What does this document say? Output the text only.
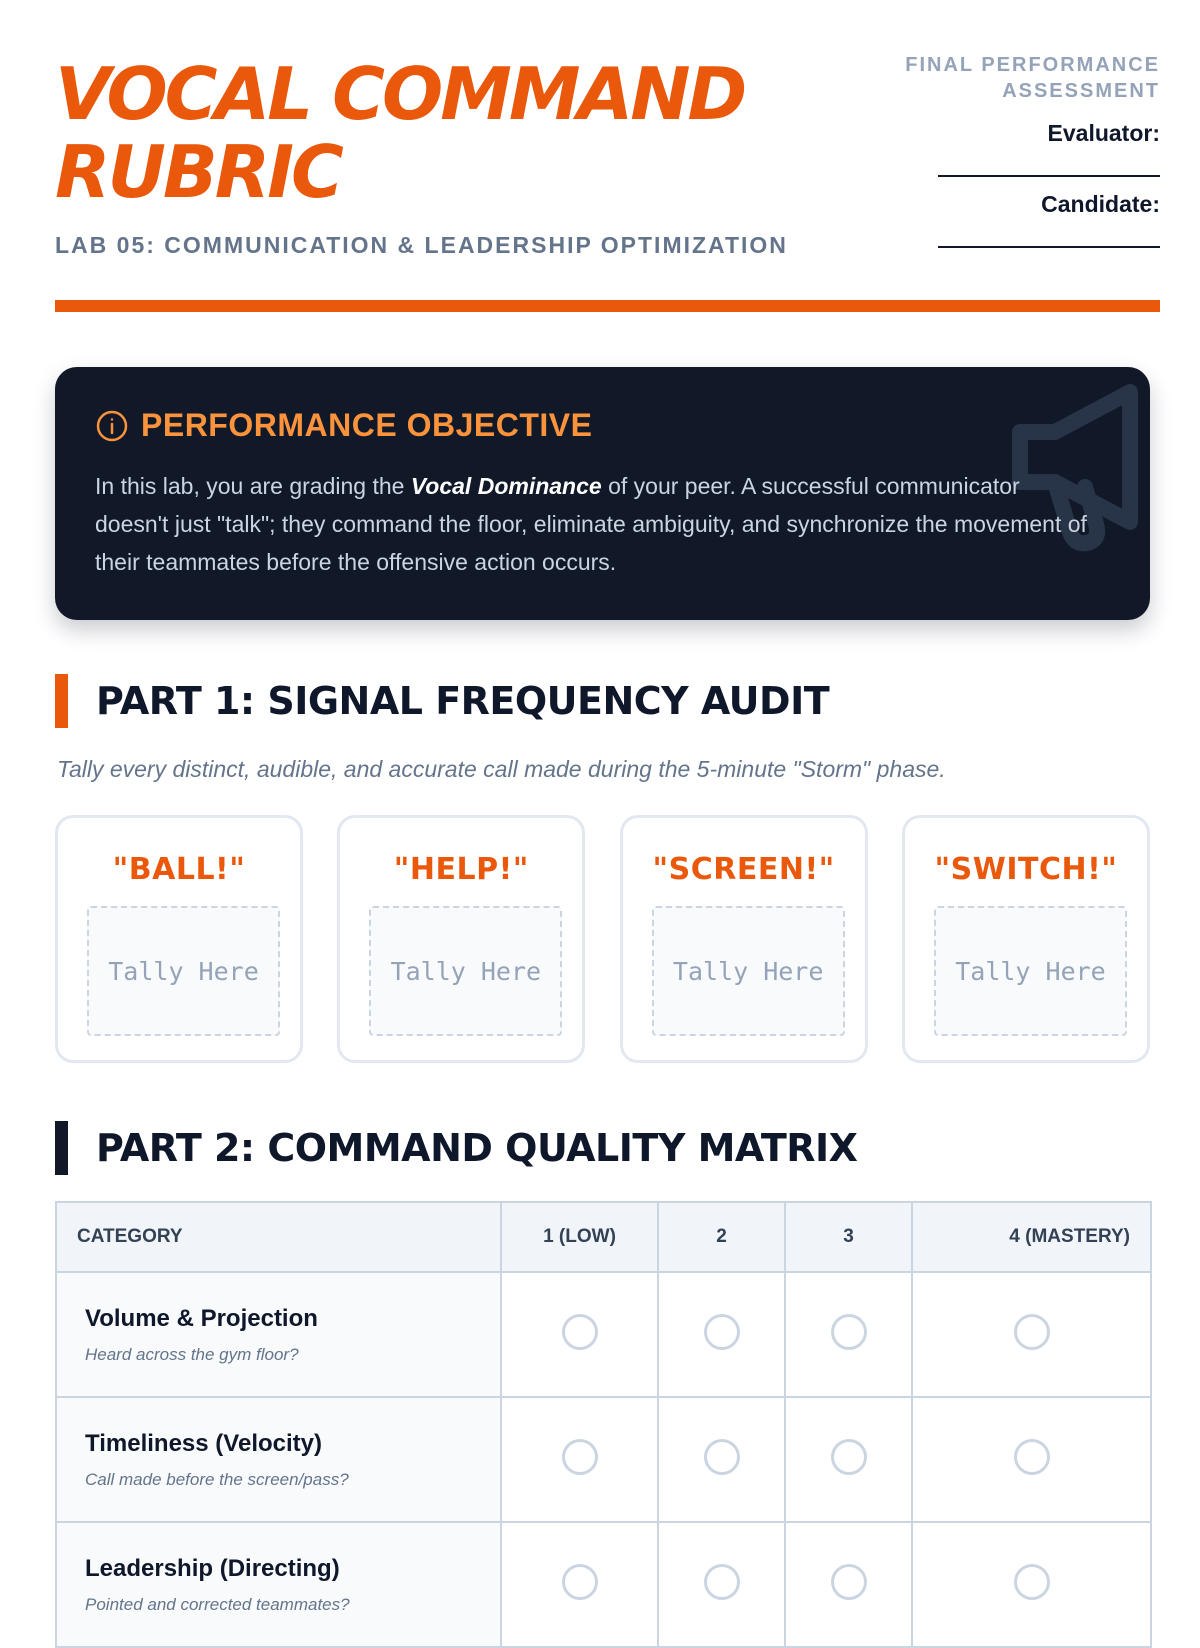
VOCAL COMMAND RUBRIC
LAB 05: COMMUNICATION & LEADERSHIP OPTIMIZATION
FINAL PERFORMANCE ASSESSMENT
Evaluator:
Candidate:
PERFORMANCE OBJECTIVE
In this lab, you are grading the Vocal Dominance of your peer. A successful communicator doesn't just "talk"; they command the floor, eliminate ambiguity, and synchronize the movement of their teammates before the offensive action occurs.
PART 1: SIGNAL FREQUENCY AUDIT
Tally every distinct, audible, and accurate call made during the 5-minute "Storm" phase.
"BALL!"
Tally Here
"HELP!"
Tally Here
"SCREEN!"
Tally Here
"SWITCH!"
Tally Here
PART 2: COMMAND QUALITY MATRIX
CATEGORY	1 (LOW)	2	3	4 (MASTERY)

Volume & Projection
Heard across the gym floor?				

Timeliness (Velocity)
Call made before the screen/pass?				

Leadership (Directing)
Pointed and corrected teammates?				
